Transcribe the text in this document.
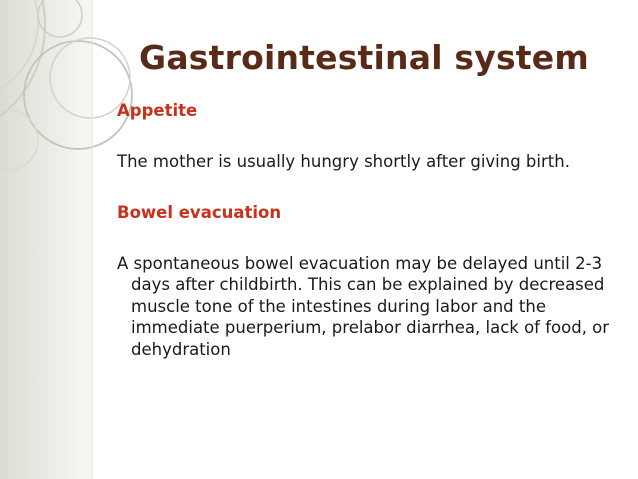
Gastrointestinal system

Appetite

The mother is usually hungry shortly after giving birth.

Bowel evacuation

A spontaneous bowel evacuation may be delayed until 2-3 days after childbirth. This can be explained by decreased muscle tone of the intestines during labor and the immediate puerperium, prelabor diarrhea, lack of food, or dehydration
